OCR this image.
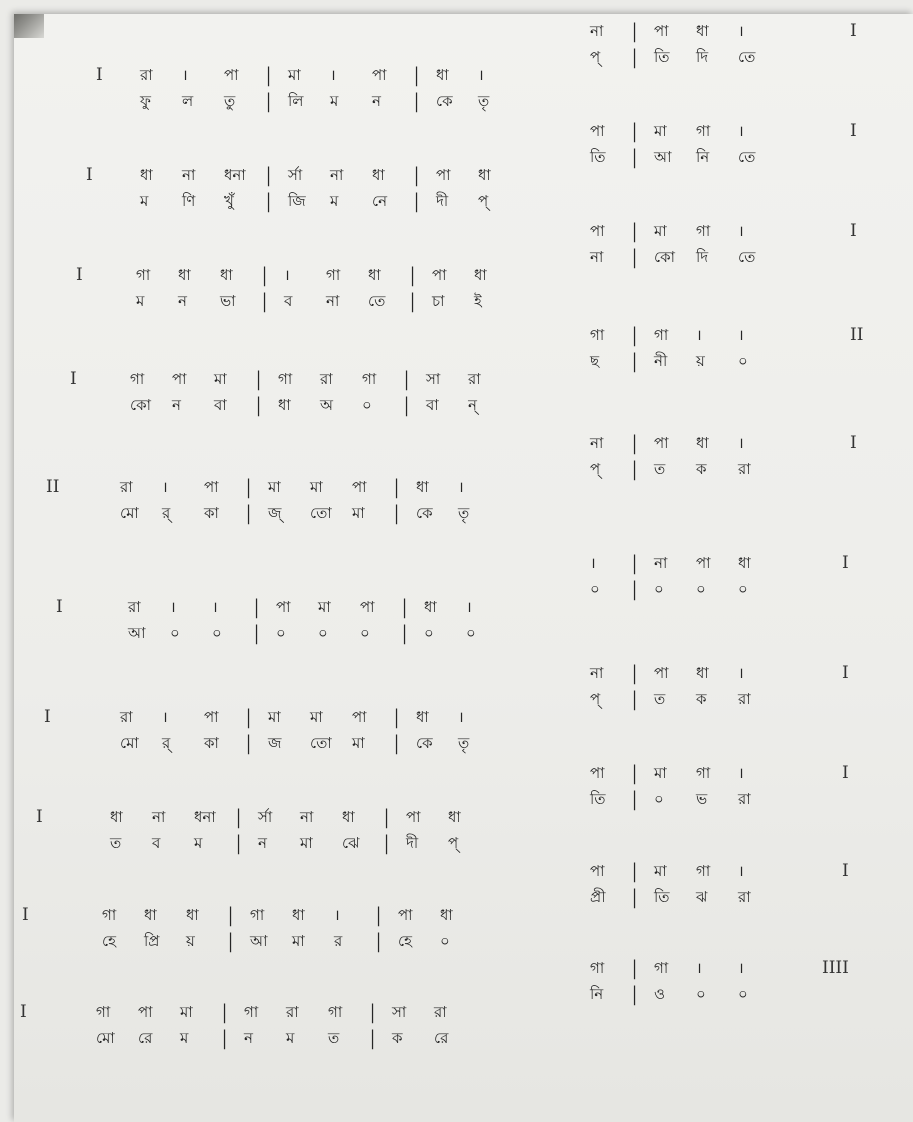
না | পা ধা ।	I
প্ | তি দি তে
I রা । পা | মা । পা | ধা ।
ফু ল তু | লি ম ন | কে তৃ
পা | মা গা ।	I
তি | আ নি তে
I	ধা না ধনা | র্সা না ধা | পা ধা
ম ণি খুঁ | জি ম নে | দী প্
পা | মা গা ।	I
না | কো দি তে
I	গা ধা ধা | । গা ধা | পা ধা
ম ন ভা | ব না তে | চা ই
গা | গা । ।	II
ছ | নী য় ০
I	গা পা মা | গা রা গা | সা রা
কো ন বা | ধা অ ০ | বা ন্
না | পা ধা ।	I
প্ | ত ক রা
II	রা । পা | মা মা পা | ধা ।
মো র্ কা | জ্ তো মা | কে তৃ
। | না পা ধা	I
০ | ০ ০ ০
I	রা । । | পা মা পা | ধা ।
আ ০ ০ | ০ ০ ০ | ০ ০
না | পা ধা ।	I
প্ | ত ক রা
I	রা । পা | মা মা পা | ধা ।
মো র্ কা | জ তো মা | কে তৃ
পা | মা গা ।	I
তি | ০ ভ রা
I	ধা না ধনা | র্সা না ধা | পা ধা
ত ব ম | ন মা ঝে | দী প্
পা | মা গা ।	I
প্রী | তি ঝ রা
I	গা ধা ধা | গা ধা । | পা ধা
হে প্রি য় | আ মা র | হে ০
গা | গা । ।	IIII
নি | ও ০ ০
I	গা পা মা | গা রা গা | সা রা
মো রে ম | ন ম ত | ক রে
